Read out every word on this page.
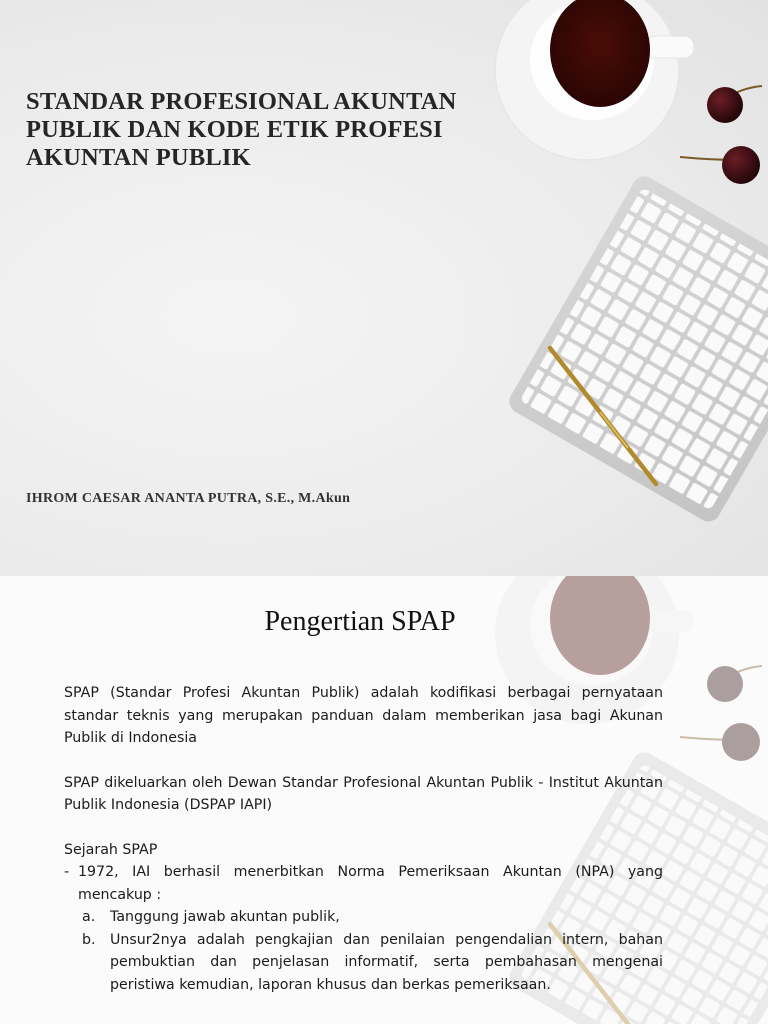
STANDAR PROFESIONAL AKUNTAN PUBLIK DAN KODE ETIK PROFESI AKUNTAN PUBLIK

IHROM CAESAR ANANTA PUTRA, S.E., M.Akun

Pengertian SPAP

SPAP (Standar Profesi Akuntan Publik) adalah kodifikasi berbagai pernyataan standar teknis yang merupakan panduan dalam memberikan jasa bagi Akunan Publik di Indonesia

SPAP dikeluarkan oleh Dewan Standar Profesional Akuntan Publik - Institut Akuntan Publik Indonesia (DSPAP IAPI)

Sejarah SPAP

- 1972, IAI berhasil menerbitkan Norma Pemeriksaan Akuntan (NPA) yang mencakup :
a.	Tanggung jawab akuntan publik,
b.	Unsur2nya adalah pengkajian dan penilaian pengendalian intern, bahan pembuktian dan penjelasan informatif, serta pembahasan mengenai peristiwa kemudian, laporan khusus dan berkas pemeriksaan.
